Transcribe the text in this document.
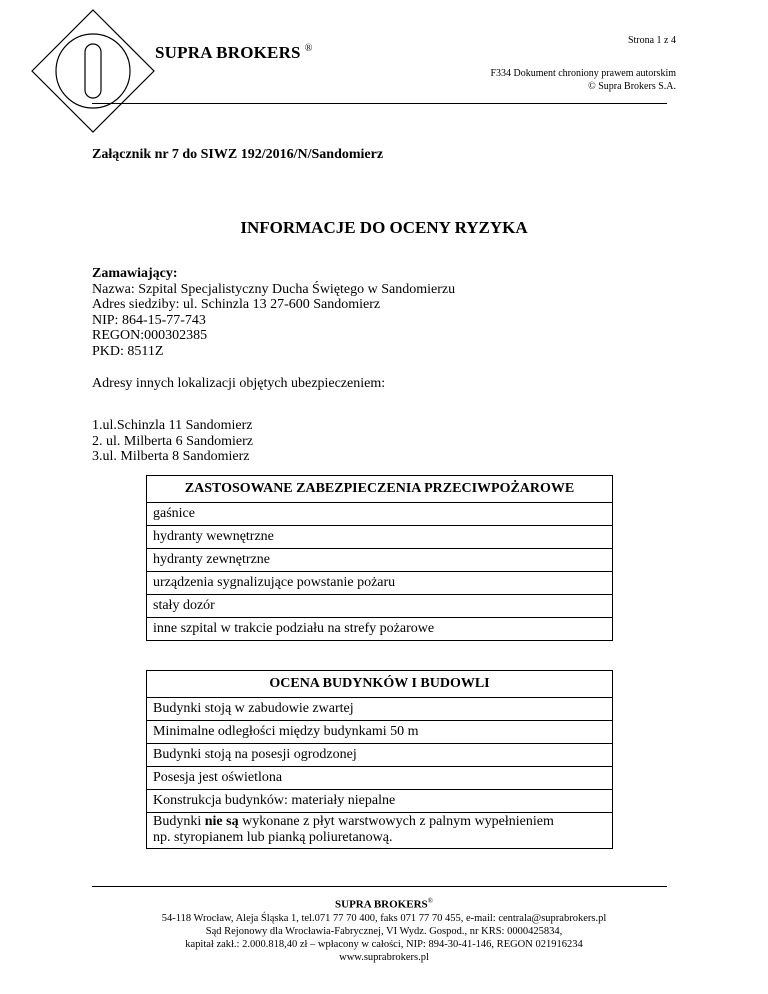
SUPRA BROKERS ®
Strona 1 z 4
F334 Dokument chroniony prawem autorskim
© Supra Brokers S.A.
Załącznik nr 7 do SIWZ 192/2016/N/Sandomierz
INFORMACJE DO OCENY RYZYKA
Zamawiający:
Nazwa: Szpital Specjalistyczny Ducha Świętego w Sandomierzu
Adres siedziby: ul. Schinzla 13 27-600 Sandomierz
NIP: 864-15-77-743
REGON:000302385
PKD: 8511Z
Adresy innych lokalizacji objętych ubezpieczeniem:
1.ul.Schinzla 11 Sandomierz
2. ul. Milberta 6 Sandomierz
3.ul. Milberta 8 Sandomierz
ZASTOSOWANE ZABEZPIECZENIA PRZECIWPOŻAROWE
gaśnice
hydranty wewnętrzne
hydranty zewnętrzne
urządzenia sygnalizujące powstanie pożaru
stały dozór
inne szpital w trakcie podziału na strefy pożarowe
OCENA BUDYNKÓW I BUDOWLI
Budynki stoją w zabudowie zwartej
Minimalne odległości między budynkami 50 m
Budynki stoją na posesji ogrodzonej
Posesja jest oświetlona
Konstrukcja budynków: materiały niepalne
Budynki nie są wykonane z płyt warstwowych z palnym wypełnieniem
np. styropianem lub pianką poliuretanową.
SUPRA BROKERS®
54-118 Wrocław, Aleja Śląska 1, tel.071 77 70 400, faks 071 77 70 455, e-mail: centrala@suprabrokers.pl
Sąd Rejonowy dla Wrocławia-Fabrycznej, VI Wydz. Gospod., nr KRS: 0000425834,
kapitał zakł.: 2.000.818,40 zł – wpłacony w całości, NIP: 894-30-41-146, REGON 021916234
www.suprabrokers.pl
